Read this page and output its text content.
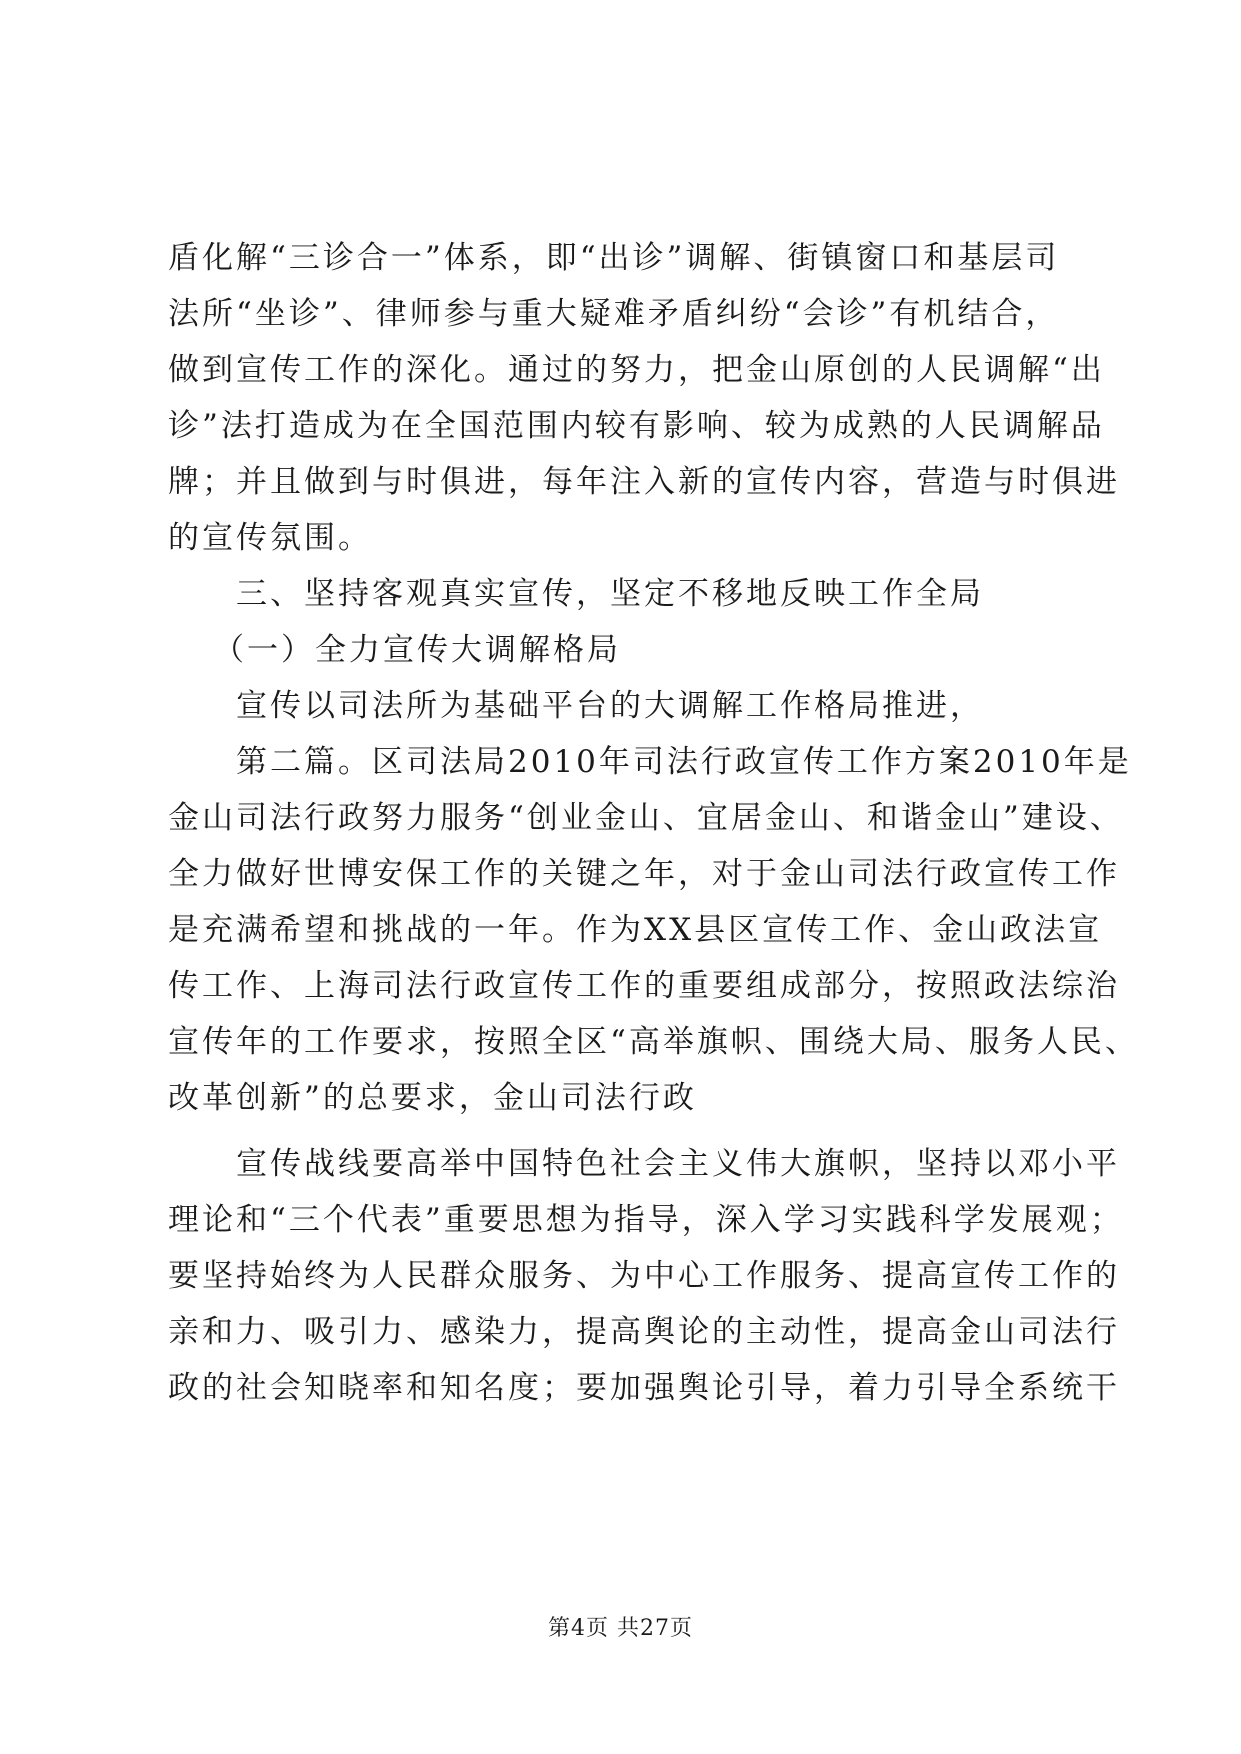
盾化解“三诊合一”体系，即“出诊”调解、街镇窗口和基层司
法所“坐诊”、律师参与重大疑难矛盾纠纷“会诊”有机结合，
做到宣传工作的深化。通过的努力，把金山原创的人民调解“出
诊”法打造成为在全国范围内较有影响、较为成熟的人民调解品
牌；并且做到与时俱进，每年注入新的宣传内容，营造与时俱进
的宣传氛围。
三、坚持客观真实宣传，坚定不移地反映工作全局
（一）全力宣传大调解格局
宣传以司法所为基础平台的大调解工作格局推进，
第二篇。区司法局2010年司法行政宣传工作方案2010年是
金山司法行政努力服务“创业金山、宜居金山、和谐金山”建设、
全力做好世博安保工作的关键之年，对于金山司法行政宣传工作
是充满希望和挑战的一年。作为XX县区宣传工作、金山政法宣
传工作、上海司法行政宣传工作的重要组成部分，按照政法综治
宣传年的工作要求，按照全区“高举旗帜、围绕大局、服务人民、
改革创新”的总要求，金山司法行政
宣传战线要高举中国特色社会主义伟大旗帜，坚持以邓小平
理论和“三个代表”重要思想为指导，深入学习实践科学发展观；
要坚持始终为人民群众服务、为中心工作服务、提高宣传工作的
亲和力、吸引力、感染力，提高舆论的主动性，提高金山司法行
政的社会知晓率和知名度；要加强舆论引导，着力引导全系统干
第4页 共27页
